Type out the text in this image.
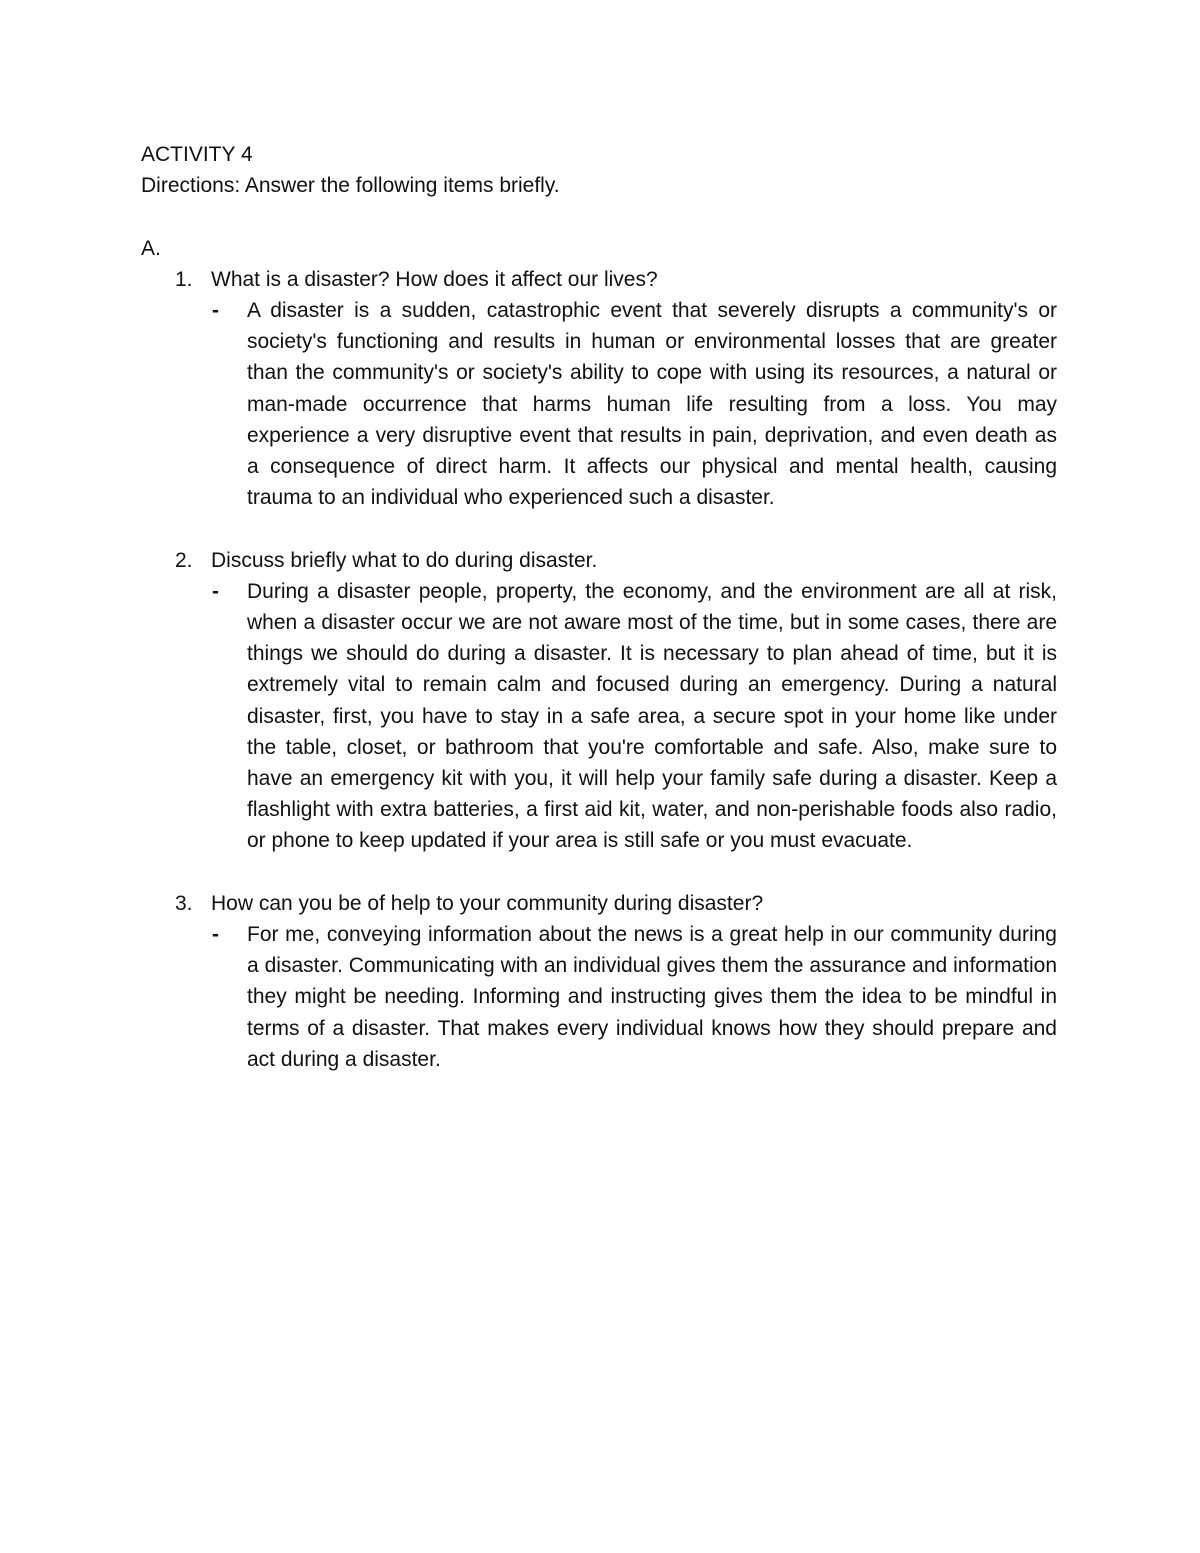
ACTIVITY 4

Directions: Answer the following items briefly.

A.

1. What is a disaster? How does it affect our lives?
- A disaster is a sudden, catastrophic event that severely disrupts a community's or society's functioning and results in human or environmental losses that are greater than the community's or society's ability to cope with using its resources, a natural or man-made occurrence that harms human life resulting from a loss. You may experience a very disruptive event that results in pain, deprivation, and even death as a consequence of direct harm. It affects our physical and mental health, causing trauma to an individual who experienced such a disaster.
2. Discuss briefly what to do during disaster.
- During a disaster people, property, the economy, and the environment are all at risk, when a disaster occur we are not aware most of the time, but in some cases, there are things we should do during a disaster. It is necessary to plan ahead of time, but it is extremely vital to remain calm and focused during an emergency. During a natural disaster, first, you have to stay in a safe area, a secure spot in your home like under the table, closet, or bathroom that you're comfortable and safe. Also, make sure to have an emergency kit with you, it will help your family safe during a disaster. Keep a flashlight with extra batteries, a first aid kit, water, and non-perishable foods also radio, or phone to keep updated if your area is still safe or you must evacuate.
3. How can you be of help to your community during disaster?
- For me, conveying information about the news is a great help in our community during a disaster. Communicating with an individual gives them the assurance and information they might be needing. Informing and instructing gives them the idea to be mindful in terms of a disaster. That makes every individual knows how they should prepare and act during a disaster.
